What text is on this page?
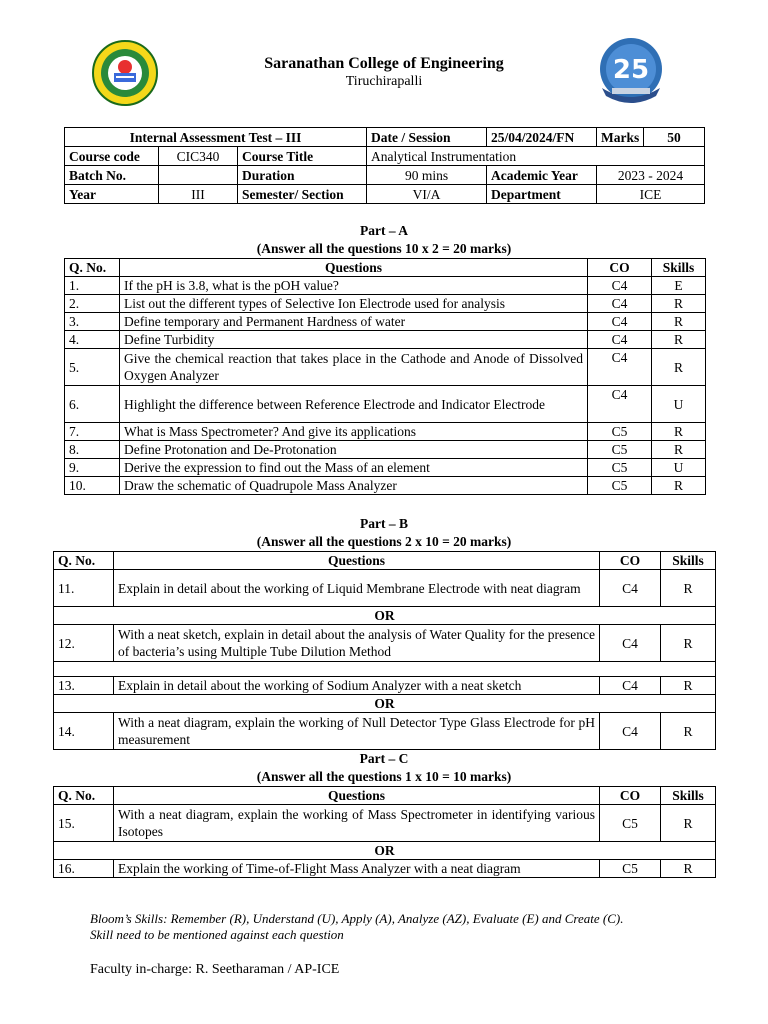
25
Saranathan College of Engineering
Tiruchirapalli
Internal Assessment Test – III			Date / Session	25/04/2024/FN	Marks	50
Course code	CIC340	Course Title	Analytical Instrumentation			
Batch No.		Duration	90 mins	Academic Year	2023 - 2024	
Year	III	Semester/ Section	VI/A	Department	ICE	
Part – A
(Answer all the questions 10 x 2 = 20 marks)
Q. No.	Questions	CO	Skills
1.	If the pH is 3.8, what is the pOH value?	C4	E
2.	List out the different types of Selective Ion Electrode used for analysis	C4	R
3.	Define temporary and Permanent Hardness of water	C4	R
4.	Define Turbidity	C4	R
5.	Give the chemical reaction that takes place in the Cathode and Anode of Dissolved Oxygen Analyzer	C4	R
6.	Highlight the difference between Reference Electrode and Indicator Electrode	C4	U
7.	What is Mass Spectrometer? And give its applications	C5	R
8.	Define Protonation and De-Protonation	C5	R
9.	Derive the expression to find out the Mass of an element	C5	U
10.	Draw the schematic of Quadrupole Mass Analyzer	C5	R
Part – B
(Answer all the questions 2 x 10 = 20 marks)
Q. No.	Questions	CO	Skills
11.	Explain in detail about the working of Liquid Membrane Electrode with neat diagram	C4	R
OR			
12.	With a neat sketch, explain in detail about the analysis of Water Quality for the presence of bacteria’s using Multiple Tube Dilution Method	C4	R

13.	Explain in detail about the working of Sodium Analyzer with a neat sketch	C4	R
OR			
14.	With a neat diagram, explain the working of Null Detector Type Glass Electrode for pH measurement	C4	R
Part – C
(Answer all the questions 1 x 10 = 10 marks)
Q. No.	Questions	CO	Skills
15.	With a neat diagram, explain the working of Mass Spectrometer in identifying various Isotopes	C5	R
OR			
16.	Explain the working of Time-of-Flight Mass Analyzer with a neat diagram	C5	R
Bloom’s Skills: Remember (R), Understand (U), Apply (A), Analyze (AZ), Evaluate (E) and Create (C).
Skill need to be mentioned against each question
Faculty in-charge: R. Seetharaman / AP-ICE
